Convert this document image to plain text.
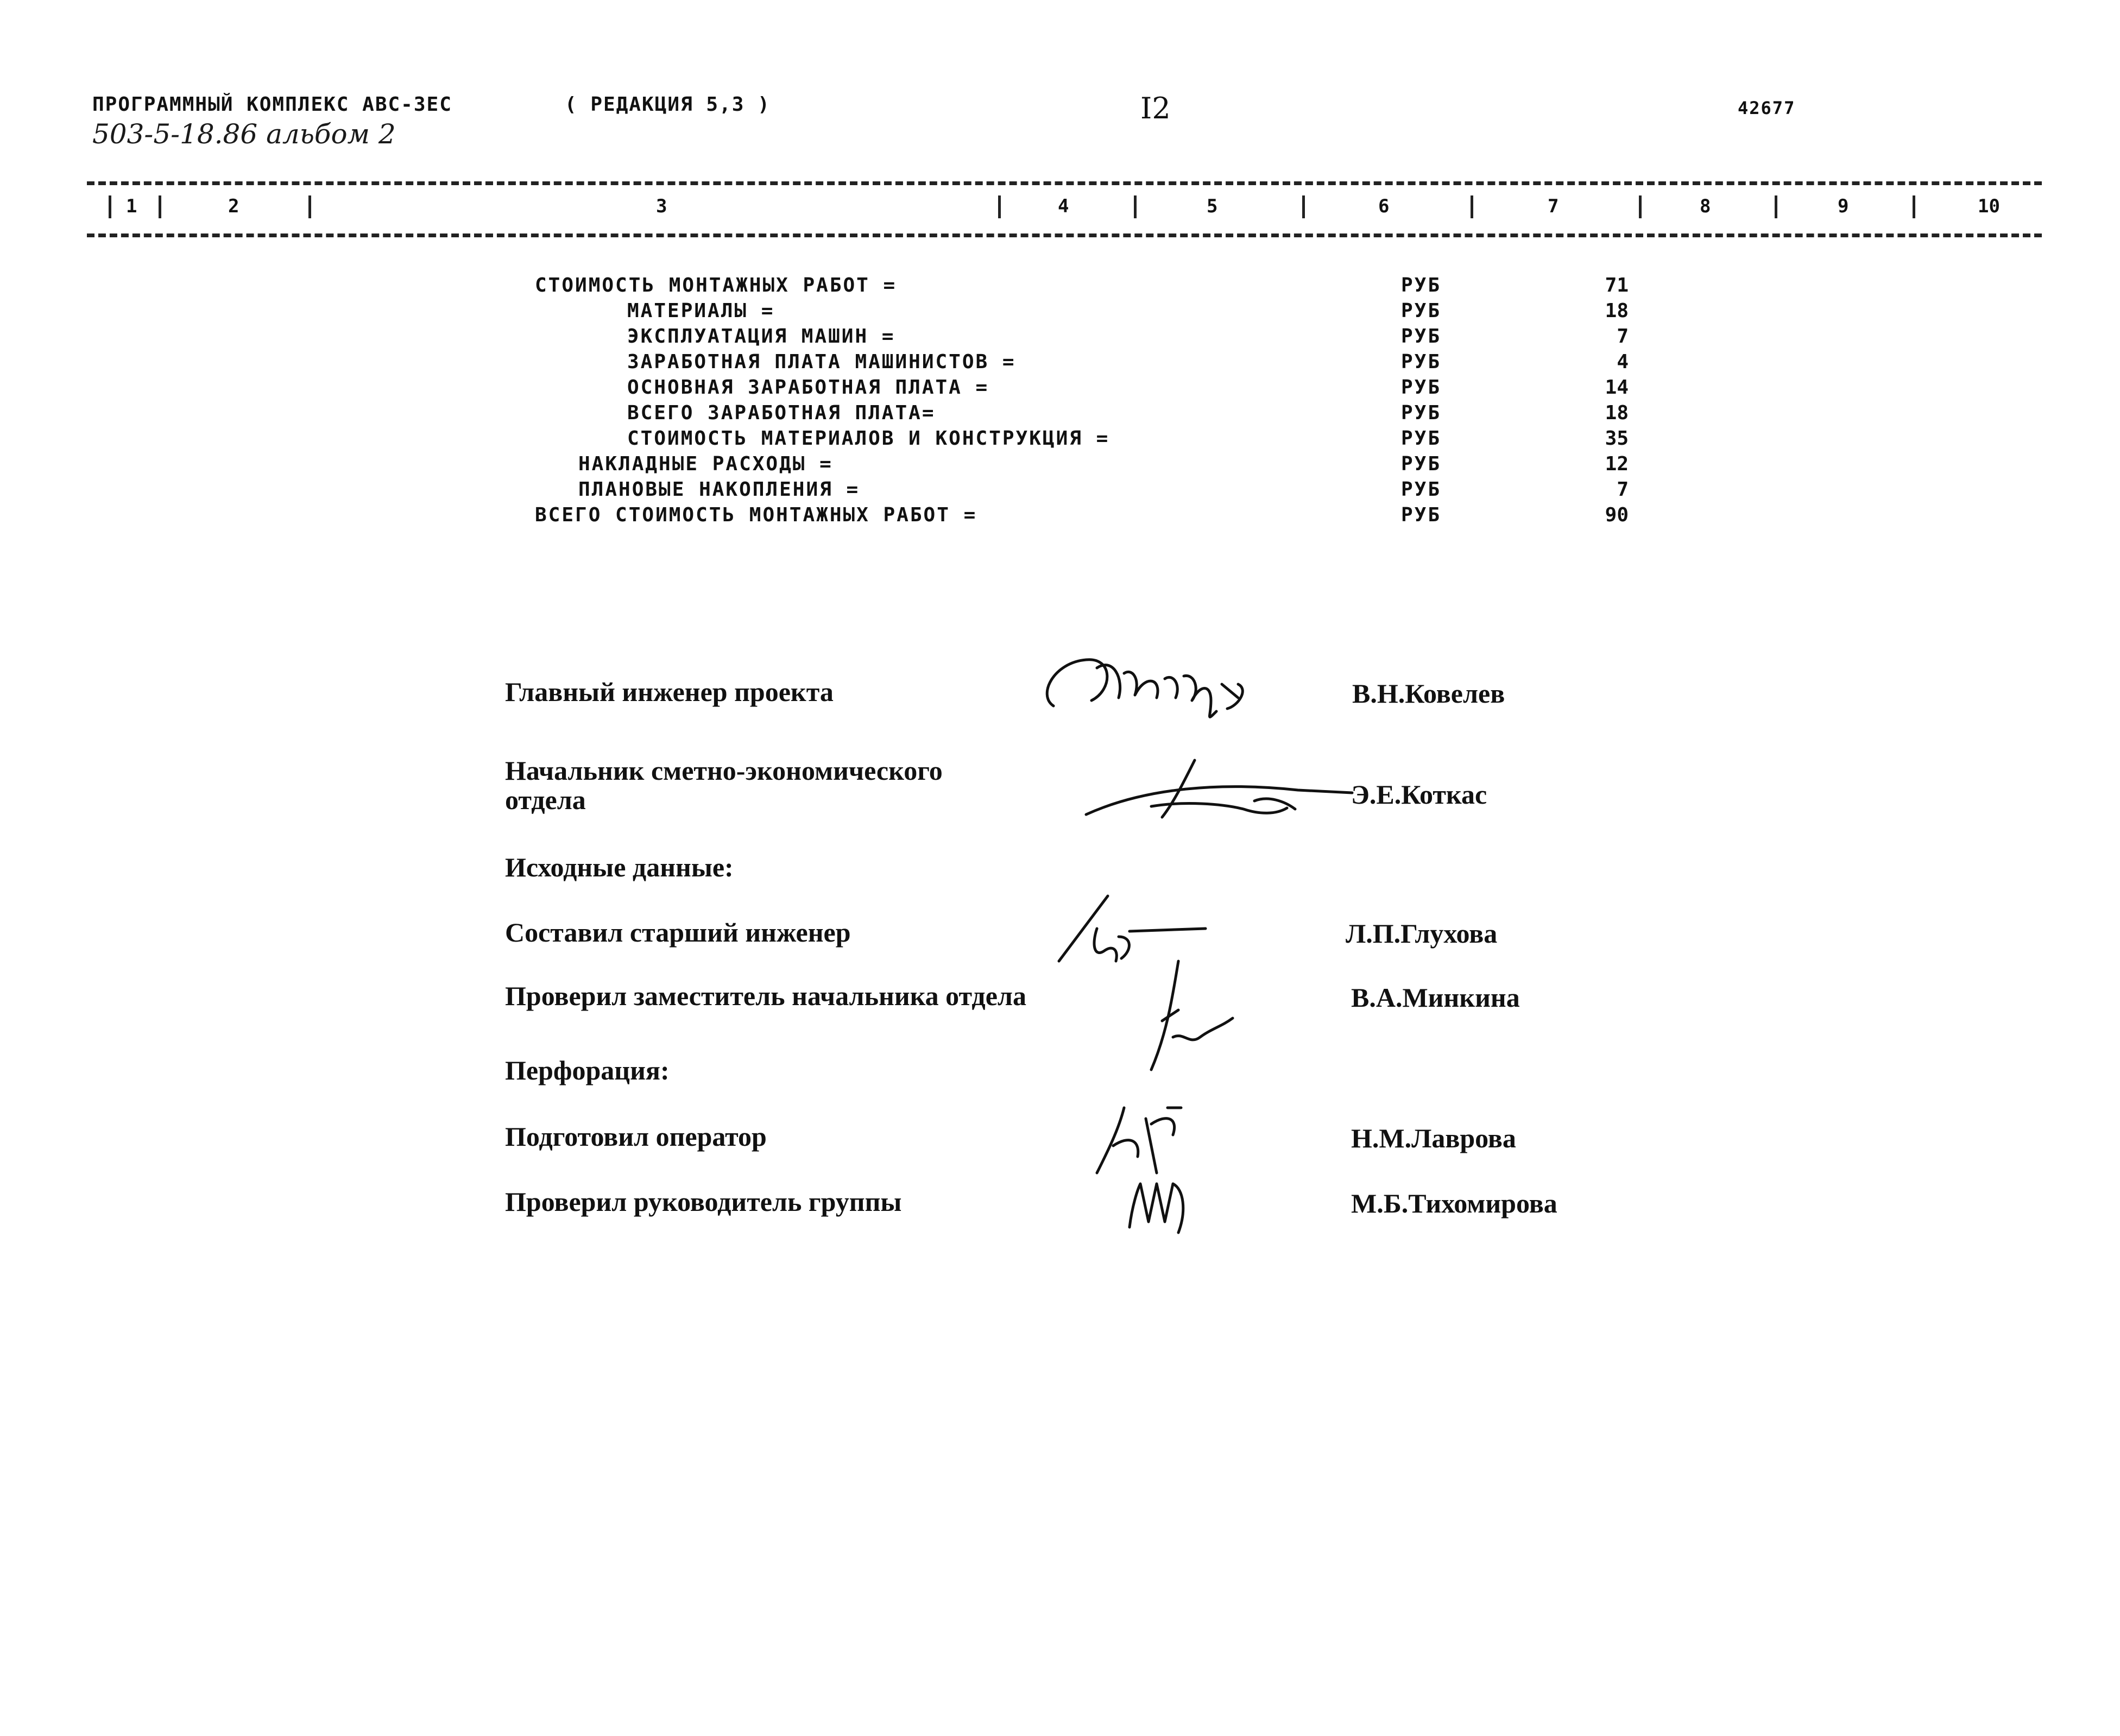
ПРОГРАММНЫЙ КОМПЛЕКС АВС-ЗЕС	( РЕДАКЦИЯ 5,3 )	I2	42677
503-5-18.86 альбом 2
1	2	3	4	5	6	7	8	9	10
СТОИМОСТЬ МОНТАЖНЫХ РАБОТ =	РУБ	71
МАТЕРИАЛЫ =	РУБ	18
ЭКСПЛУАТАЦИЯ МАШИН =	РУБ	7
ЗАРАБОТНАЯ ПЛАТА МАШИНИСТОВ =	РУБ	4
ОСНОВНАЯ ЗАРАБОТНАЯ ПЛАТА =	РУБ	14
ВСЕГО ЗАРАБОТНАЯ ПЛАТА=	РУБ	18
СТОИМОСТЬ МАТЕРИАЛОВ И КОНСТРУКЦИЯ =	РУБ	35
НАКЛАДНЫЕ РАСХОДЫ =	РУБ	12
ПЛАНОВЫЕ НАКОПЛЕНИЯ =	РУБ	7
ВСЕГО СТОИМОСТЬ МОНТАЖНЫХ РАБОТ =	РУБ	90
Главный инженер проекта	В.Н.Ковелев
Начальник сметно-экономического
отдела	Э.Е.Коткас
Исходные данные:
Составил старший инженер	Л.П.Глухова
Проверил заместитель начальника отдела	В.А.Минкина
Перфорация:
Подготовил оператор	Н.М.Лаврова
Проверил руководитель группы	М.Б.Тихомирова
